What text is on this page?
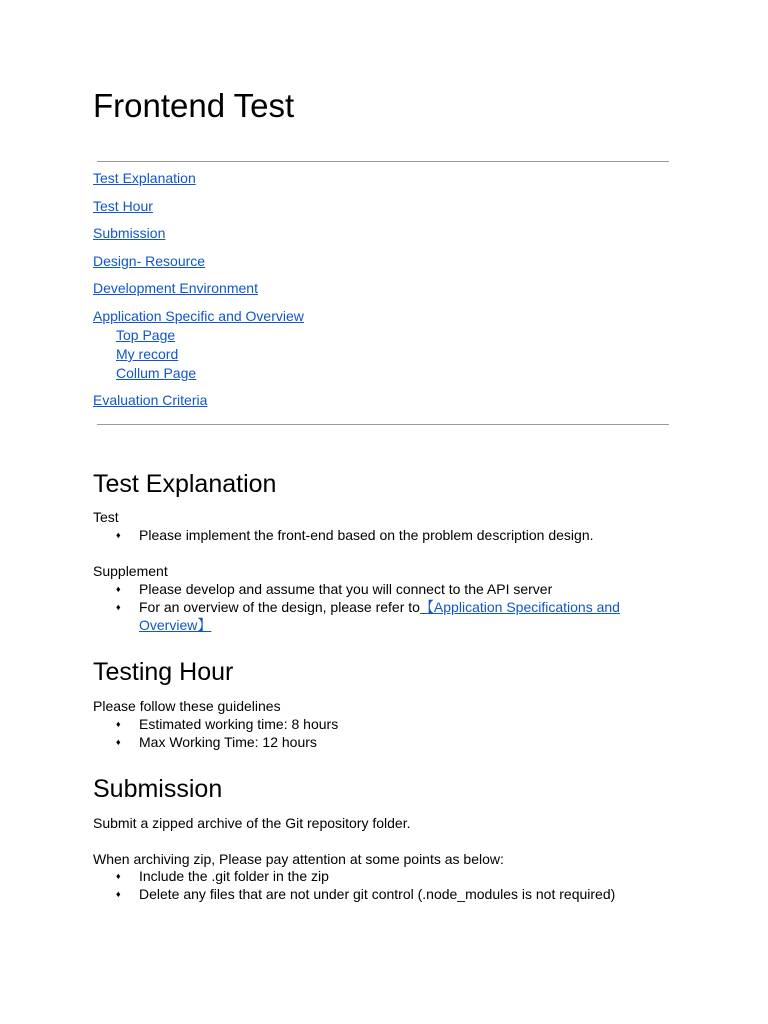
Frontend Test
Test Explanation
Test Hour
Submission
Design- Resource
Development Environment
Application Specific and Overview
Top Page
My record
Collum Page
Evaluation Criteria
Test Explanation
Test
♦ Please implement the front-end based on the problem description design.
Supplement
♦ Please develop and assume that you will connect to the API server
♦ For an overview of the design, please refer to【Application Specifications and
Overview】
Testing Hour
Please follow these guidelines
♦ Estimated working time: 8 hours
♦ Max Working Time: 12 hours
Submission
Submit a zipped archive of the Git repository folder.
When archiving zip, Please pay attention at some points as below:
♦ Include the .git folder in the zip
♦ Delete any files that are not under git control (.node_modules is not required)
